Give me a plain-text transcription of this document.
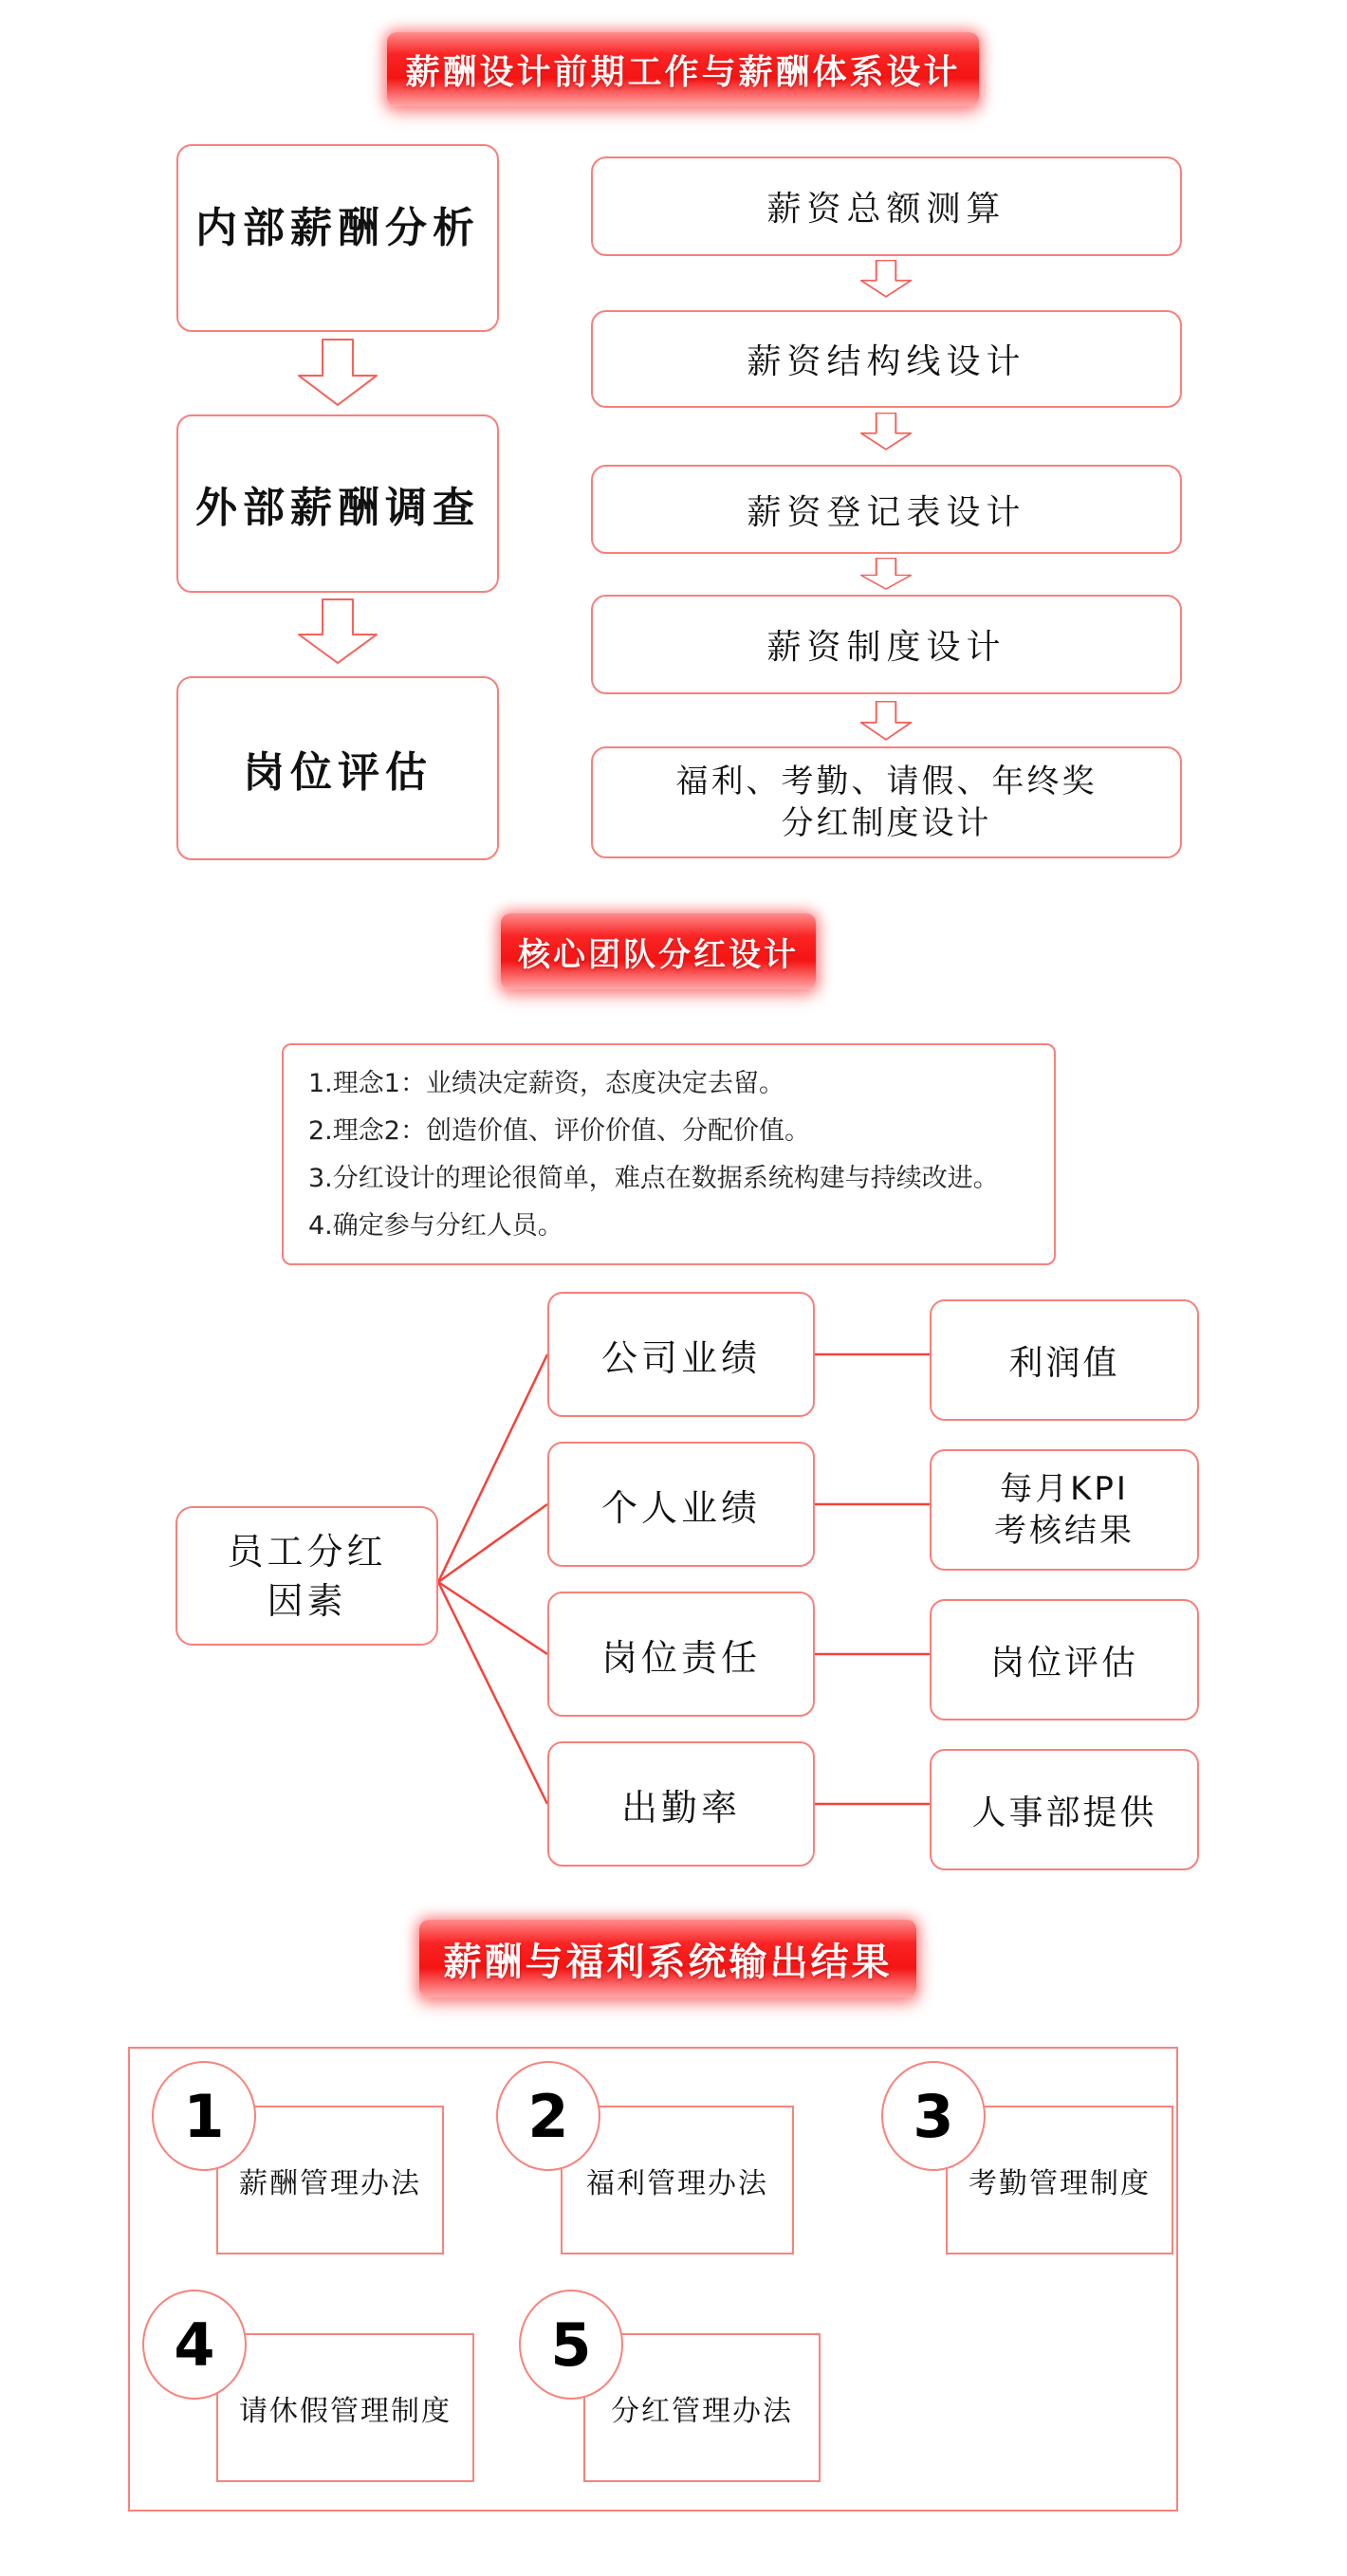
薪酬设计前期工作与薪酬体系设计
内部薪酬分析
外部薪酬调查
岗位评估
薪资总额测算
薪资结构线设计
薪资登记表设计
薪资制度设计
福利、考勤、请假、年终奖
分红制度设计
核心团队分红设计
1.理念1：业绩决定薪资，态度决定去留。
2.理念2：创造价值、评价价值、分配价值。
3.分红设计的理论很简单，难点在数据系统构建与持续改进。
4.确定参与分红人员。
员工分红
因素
公司业绩
个人业绩
岗位责任
出勤率
利润值
每月KPI
考核结果
岗位评估
人事部提供
薪酬与福利系统输出结果
薪酬管理办法
1
福利管理办法
2
考勤管理制度
3
请休假管理制度
4
分红管理办法
5
